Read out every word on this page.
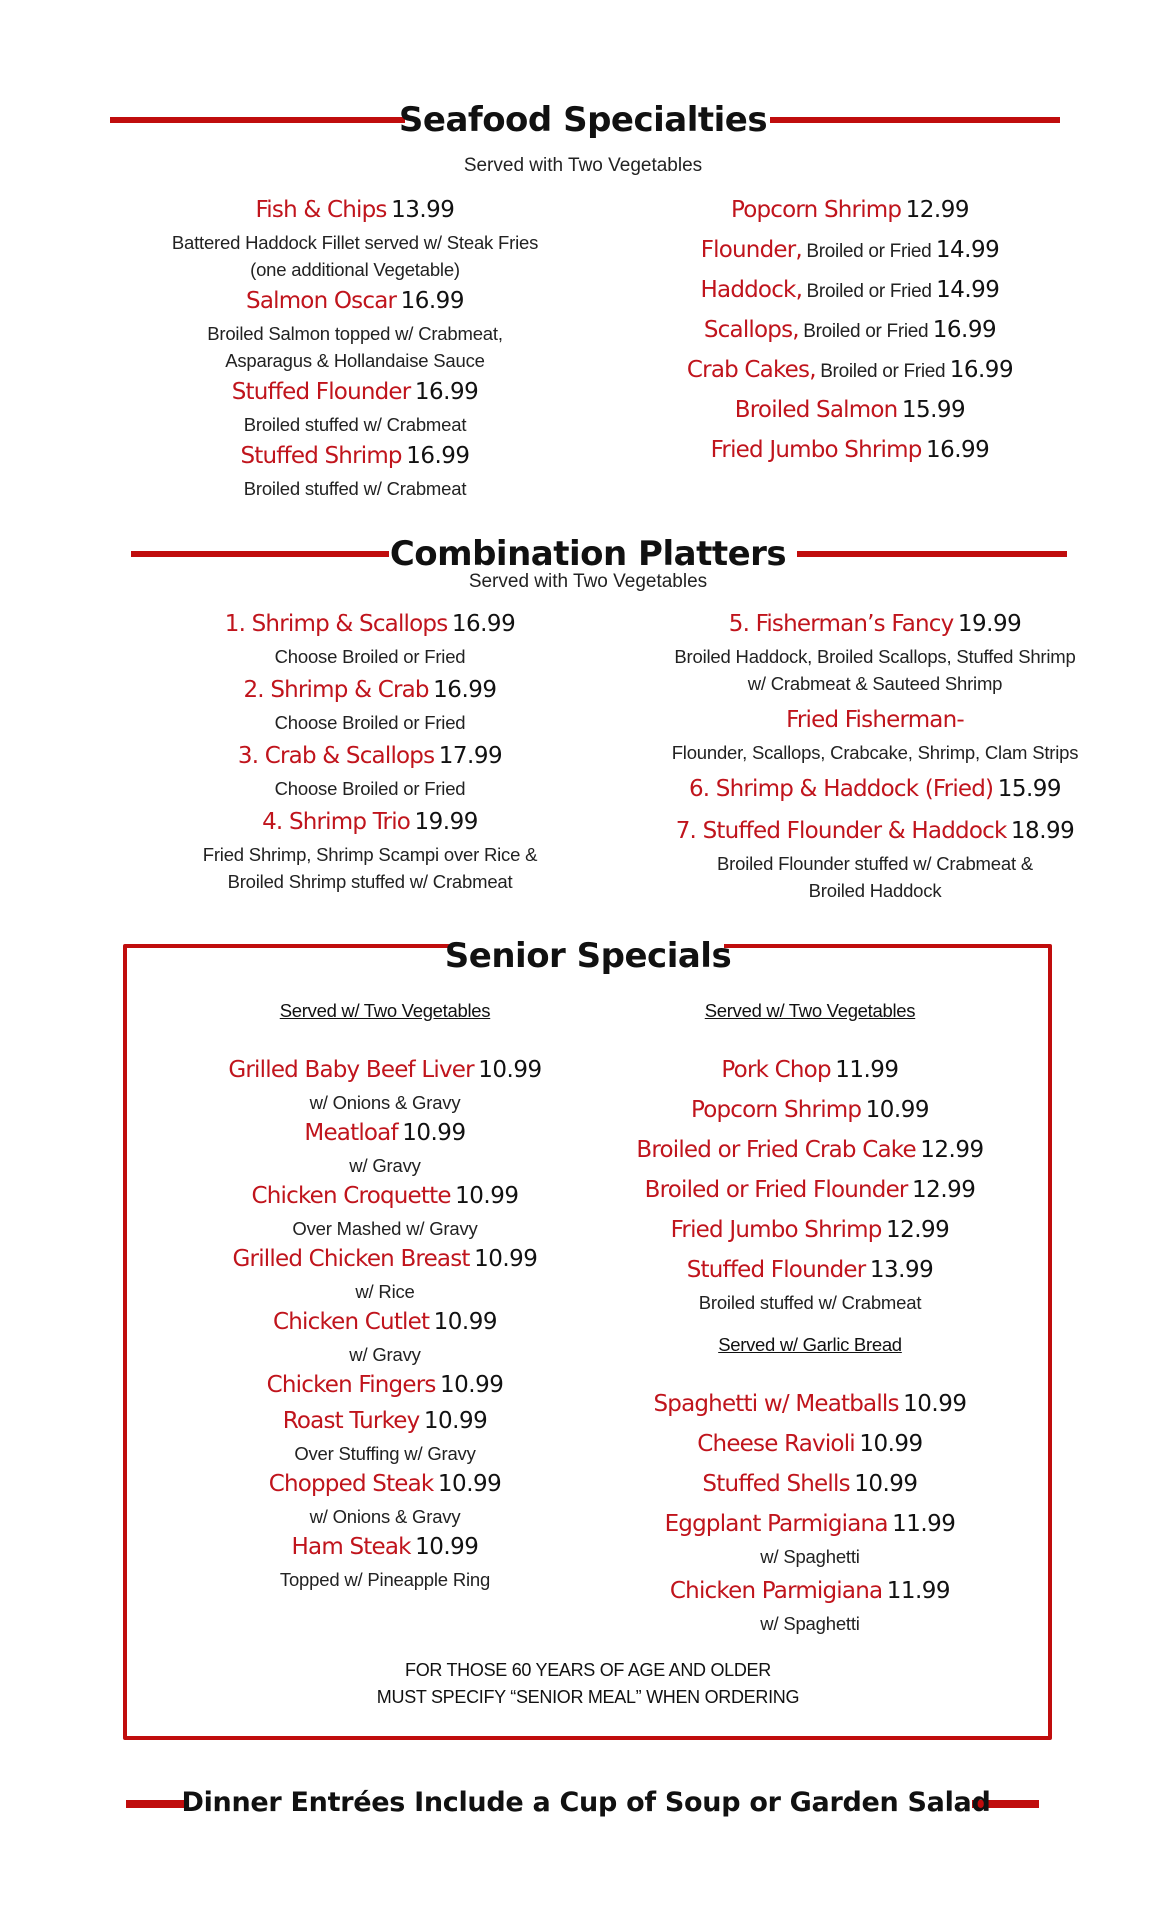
Seafood Specialties
Served with Two Vegetables
Fish & Chips 13.99
Battered Haddock Fillet served w/ Steak Fries
(one additional Vegetable)
Salmon Oscar 16.99
Broiled Salmon topped w/ Crabmeat,
Asparagus & Hollandaise Sauce
Stuffed Flounder 16.99
Broiled stuffed w/ Crabmeat
Stuffed Shrimp 16.99
Broiled stuffed w/ Crabmeat
Popcorn Shrimp 12.99
Flounder, Broiled or Fried 14.99
Haddock, Broiled or Fried 14.99
Scallops, Broiled or Fried 16.99
Crab Cakes, Broiled or Fried 16.99
Broiled Salmon 15.99
Fried Jumbo Shrimp 16.99
Combination Platters
Served with Two Vegetables
1. Shrimp & Scallops 16.99
Choose Broiled or Fried
2. Shrimp & Crab 16.99
Choose Broiled or Fried
3. Crab & Scallops 17.99
Choose Broiled or Fried
4. Shrimp Trio 19.99
Fried Shrimp, Shrimp Scampi over Rice &
Broiled Shrimp stuffed w/ Crabmeat
5. Fisherman’s Fancy 19.99
Broiled Haddock, Broiled Scallops, Stuffed Shrimp
w/ Crabmeat & Sauteed Shrimp
Fried Fisherman-
Flounder, Scallops, Crabcake, Shrimp, Clam Strips
6. Shrimp & Haddock (Fried) 15.99
7. Stuffed Flounder & Haddock 18.99
Broiled Flounder stuffed w/ Crabmeat &
Broiled Haddock
Senior Specials
Served w/ Two Vegetables
Grilled Baby Beef Liver 10.99
w/ Onions & Gravy
Meatloaf 10.99
w/ Gravy
Chicken Croquette 10.99
Over Mashed w/ Gravy
Grilled Chicken Breast 10.99
w/ Rice
Chicken Cutlet 10.99
w/ Gravy
Chicken Fingers 10.99
Roast Turkey 10.99
Over Stuffing w/ Gravy
Chopped Steak 10.99
w/ Onions & Gravy
Ham Steak 10.99
Topped w/ Pineapple Ring
Served w/ Two Vegetables
Pork Chop 11.99
Popcorn Shrimp 10.99
Broiled or Fried Crab Cake 12.99
Broiled or Fried Flounder 12.99
Fried Jumbo Shrimp 12.99
Stuffed Flounder 13.99
Broiled stuffed w/ Crabmeat
Served w/ Garlic Bread
Spaghetti w/ Meatballs 10.99
Cheese Ravioli 10.99
Stuffed Shells 10.99
Eggplant Parmigiana 11.99
w/ Spaghetti
Chicken Parmigiana 11.99
w/ Spaghetti
FOR THOSE 60 YEARS OF AGE AND OLDER
MUST SPECIFY “SENIOR MEAL” WHEN ORDERING
Dinner Entrées Include a Cup of Soup or Garden Salad
